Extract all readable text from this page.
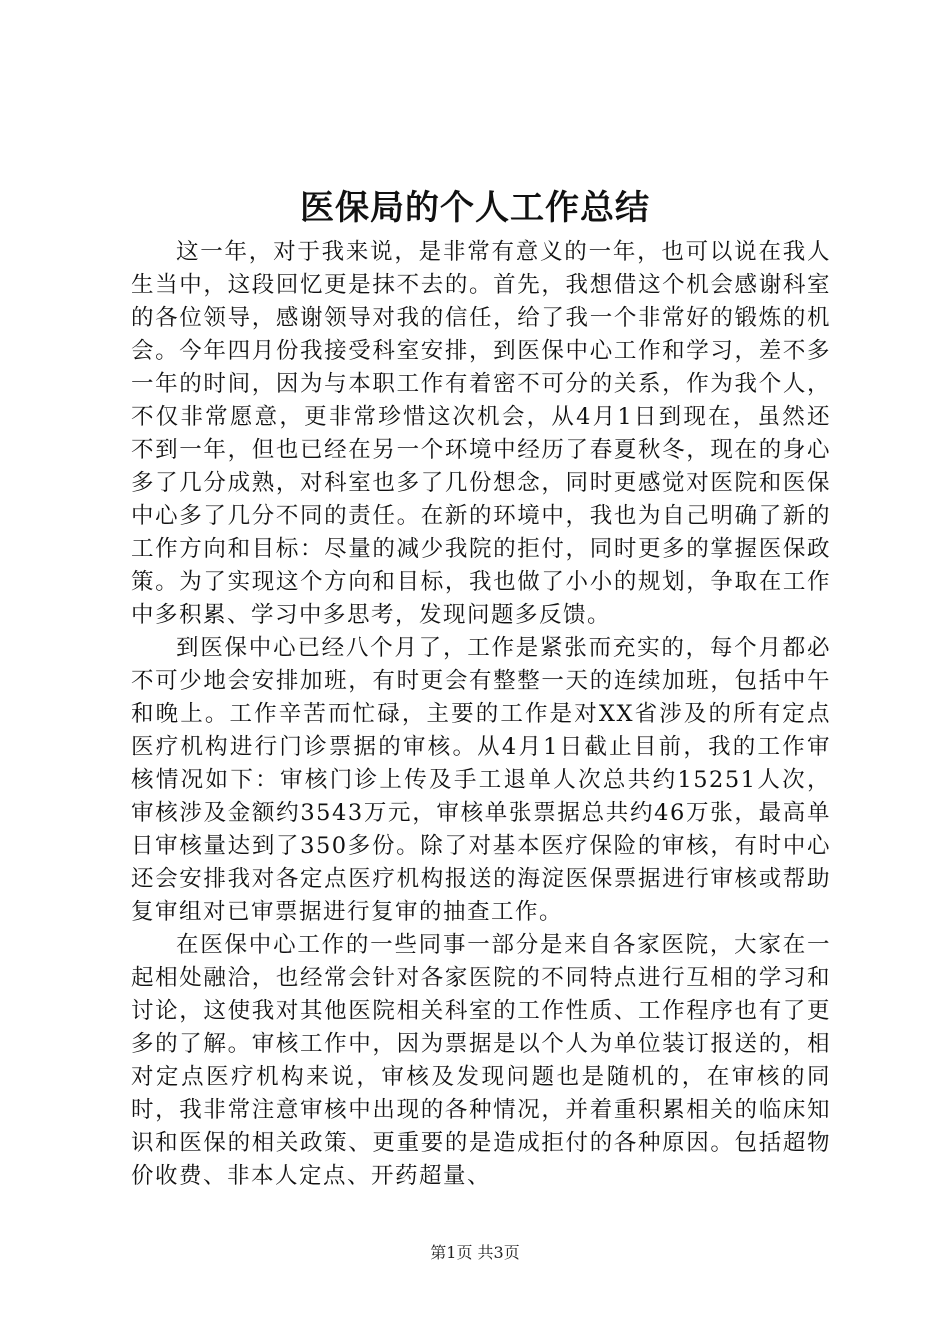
医保局的个人工作总结

这一年，对于我来说，是非常有意义的一年，也可以说在我人生当中，这段回忆更是抹不去的。首先，我想借这个机会感谢科室的各位领导，感谢领导对我的信任，给了我一个非常好的锻炼的机会。今年四月份我接受科室安排，到医保中心工作和学习，差不多一年的时间，因为与本职工作有着密不可分的关系，作为我个人，不仅非常愿意，更非常珍惜这次机会，从4月1日到现在，虽然还不到一年，但也已经在另一个环境中经历了春夏秋冬，现在的身心多了几分成熟，对科室也多了几份想念，同时更感觉对医院和医保中心多了几分不同的责任。在新的环境中，我也为自己明确了新的工作方向和目标：尽量的减少我院的拒付，同时更多的掌握医保政策。为了实现这个方向和目标，我也做了小小的规划，争取在工作中多积累、学习中多思考，发现问题多反馈。

到医保中心已经八个月了，工作是紧张而充实的，每个月都必不可少地会安排加班，有时更会有整整一天的连续加班，包括中午和晚上。工作辛苦而忙碌，主要的工作是对XX省涉及的所有定点医疗机构进行门诊票据的审核。从4月1日截止目前，我的工作审核情况如下：审核门诊上传及手工退单人次总共约15251人次，审核涉及金额约3543万元，审核单张票据总共约46万张，最高单日审核量达到了350多份。除了对基本医疗保险的审核，有时中心还会安排我对各定点医疗机构报送的海淀医保票据进行审核或帮助复审组对已审票据进行复审的抽查工作。

在医保中心工作的一些同事一部分是来自各家医院，大家在一起相处融洽，也经常会针对各家医院的不同特点进行互相的学习和讨论，这使我对其他医院相关科室的工作性质、工作程序也有了更多的了解。审核工作中，因为票据是以个人为单位装订报送的，相对定点医疗机构来说，审核及发现问题也是随机的，在审核的同时，我非常注意审核中出现的各种情况，并着重积累相关的临床知识和医保的相关政策、更重要的是造成拒付的各种原因。包括超物价收费、非本人定点、开药超量、

第1页 共3页
